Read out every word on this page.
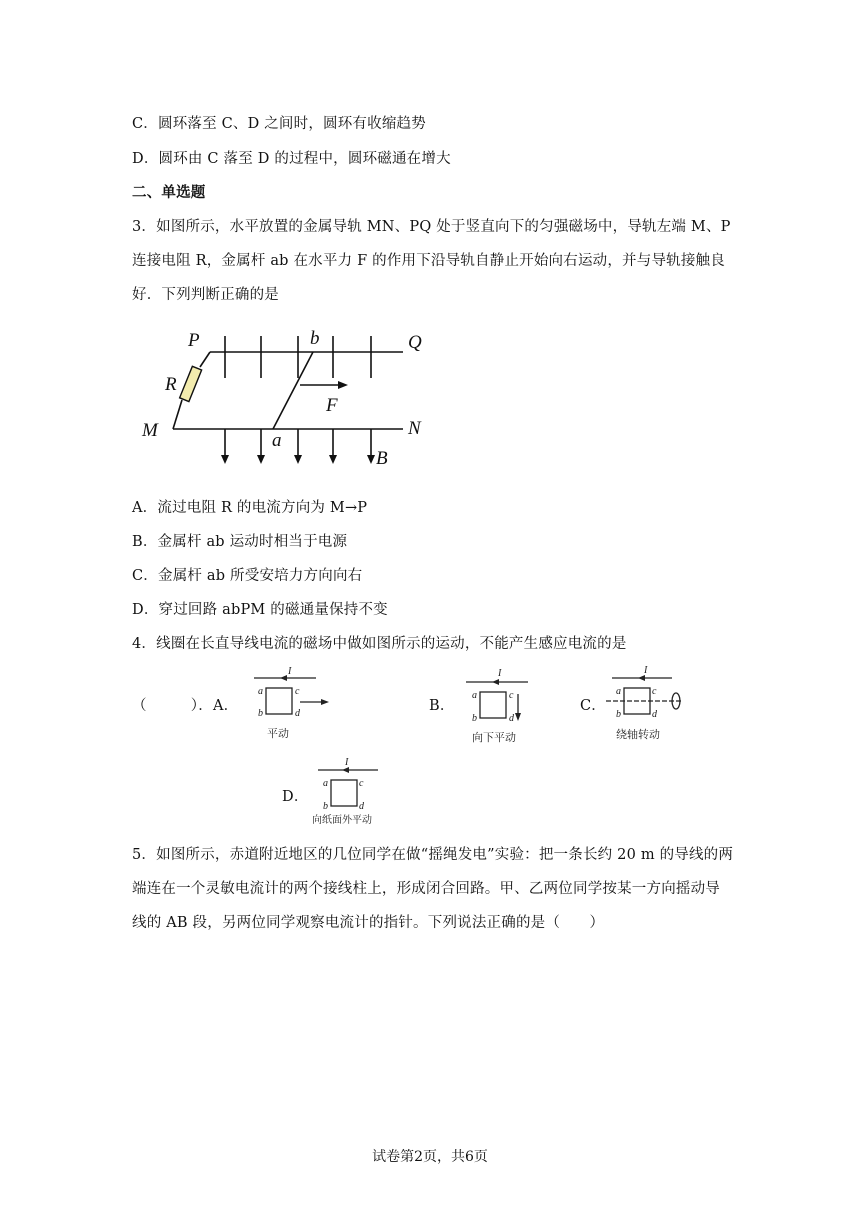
C．圆环落至 C、D 之间时，圆环有收缩趋势
D．圆环由 C 落至 D 的过程中，圆环磁通在增大
二、单选题
3．如图所示，水平放置的金属导轨 MN、PQ 处于竖直向下的匀强磁场中，导轨左端 M、P
连接电阻 R，金属杆 ab 在水平力 F 的作用下沿导轨自静止开始向右运动，并与导轨接触良
好．下列判断正确的是
P	Q
M	N
R
b
a
F
B
A．流过电阻 R 的电流方向为 M→P
B．金属杆 ab 运动时相当于电源
C．金属杆 ab 所受安培力方向向右
D．穿过回路 abPM 的磁通量保持不变
4．线圈在长直导线电流的磁场中做如图所示的运动，不能产生感应电流的是
（　　　）．A．	B．	C．
D．
I
a	c
b	d
平动
I
a	c
b	d
向下平动
I
a	c
b	d
绕轴转动
I
a	c
b	d
向纸面外平动
5．如图所示，赤道附近地区的几位同学在做“摇绳发电”实验：把一条长约 20 m 的导线的两
端连在一个灵敏电流计的两个接线柱上，形成闭合回路。甲、乙两位同学按某一方向摇动导
线的 AB 段，另两位同学观察电流计的指针。下列说法正确的是（　　）
试卷第2页，共6页
